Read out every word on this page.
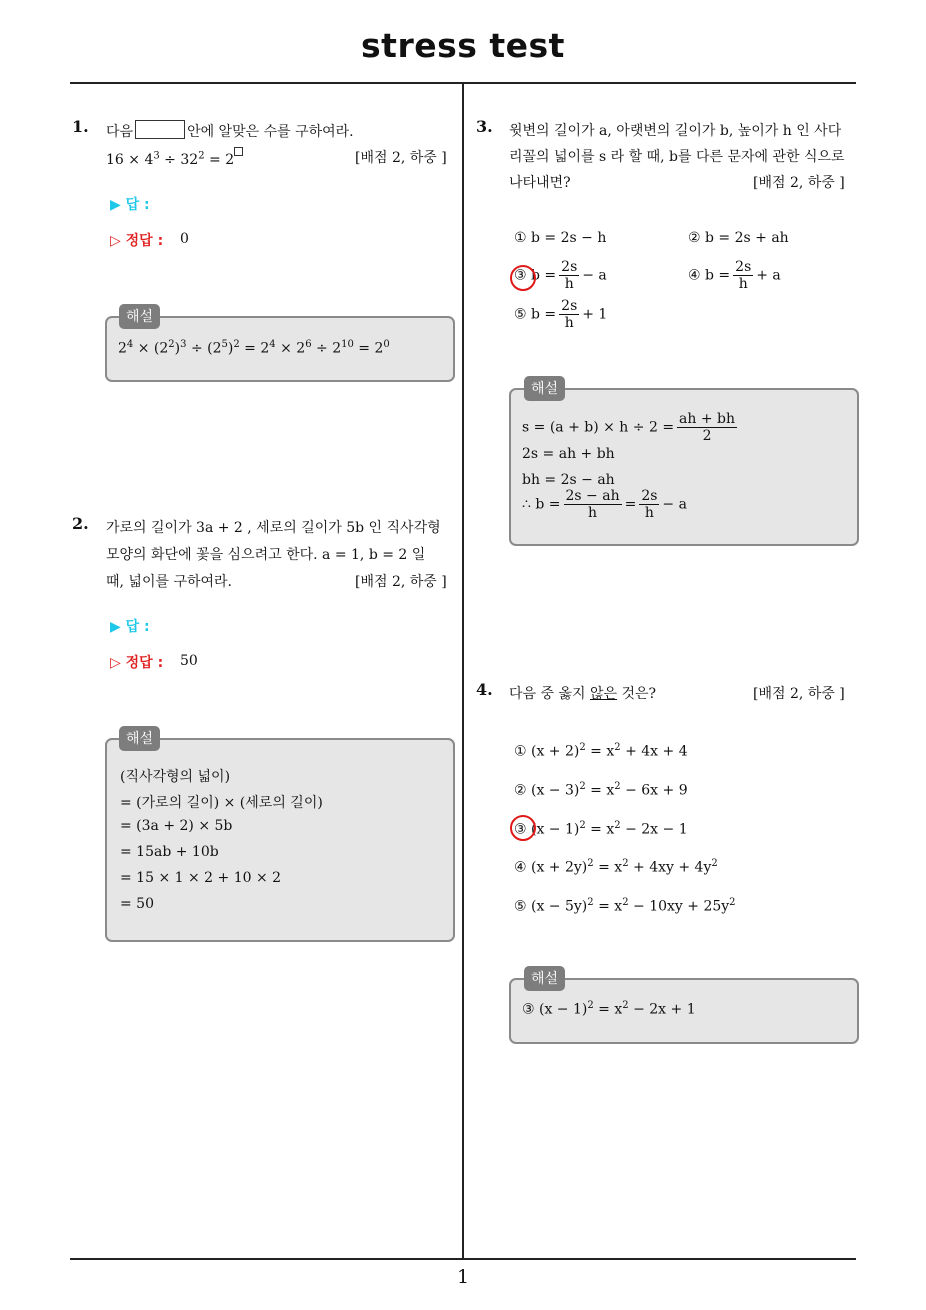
stress test
1
1. 다음	안에 알맞은 수를 구하여라.
$16 \times 4^3 \div 32^2 = 2$	[배점 2, 하중 ]
▶ 답 :
▷ 정답 : 0
해설
$2^4 \times (2^2)^3 \div (2^5)^2 = 2^4 \times 2^6 \div 2^{10} = 2^0$
2. 가로의 길이가 3a + 2 , 세로의 길이가 5b 인 직사각형
모양의 화단에 꽃을 심으려고 한다. a = 1, b = 2 일
때, 넓이를 구하여라.	[배점 2, 하중 ]
▶ 답 :
▷ 정답 : 50
해설
(직사각형의 넓이)
= (가로의 길이) × (세로의 길이)
= (3a + 2) × 5b
= 15ab + 10b
= 15 × 1 × 2 + 10 × 2
= 50
3. 윗변의 길이가 a, 아랫변의 길이가 b, 높이가 h 인 사다
리꼴의 넓이를 s 라 할 때, b를 다른 문자에 관한 식으로
나타내면?	[배점 2, 하중 ]
① b = 2s − h	② b = 2s + ah
③ $b = \frac{2s}{h} - a$	④ $b = \frac{2s}{h} + a$
⑤ $b = \frac{2s}{h} + 1$
해설
$s = (a + b) \times h \div 2 = \frac{ah + bh}{2}$
2s = ah + bh
bh = 2s − ah
∴ $b = \frac{2s - ah}{h} = \frac{2s}{h} - a$
4. 다음 중 옳지 않은 것은?	[배점 2, 하중 ]
① $(x + 2)^2 = x^2 + 4x + 4$
② $(x - 3)^2 = x^2 - 6x + 9$
③ $(x - 1)^2 = x^2 - 2x - 1$
④ $(x + 2y)^2 = x^2 + 4xy + 4y^2$
⑤ $(x - 5y)^2 = x^2 - 10xy + 25y^2$
해설
③ $(x - 1)^2 = x^2 - 2x + 1$
